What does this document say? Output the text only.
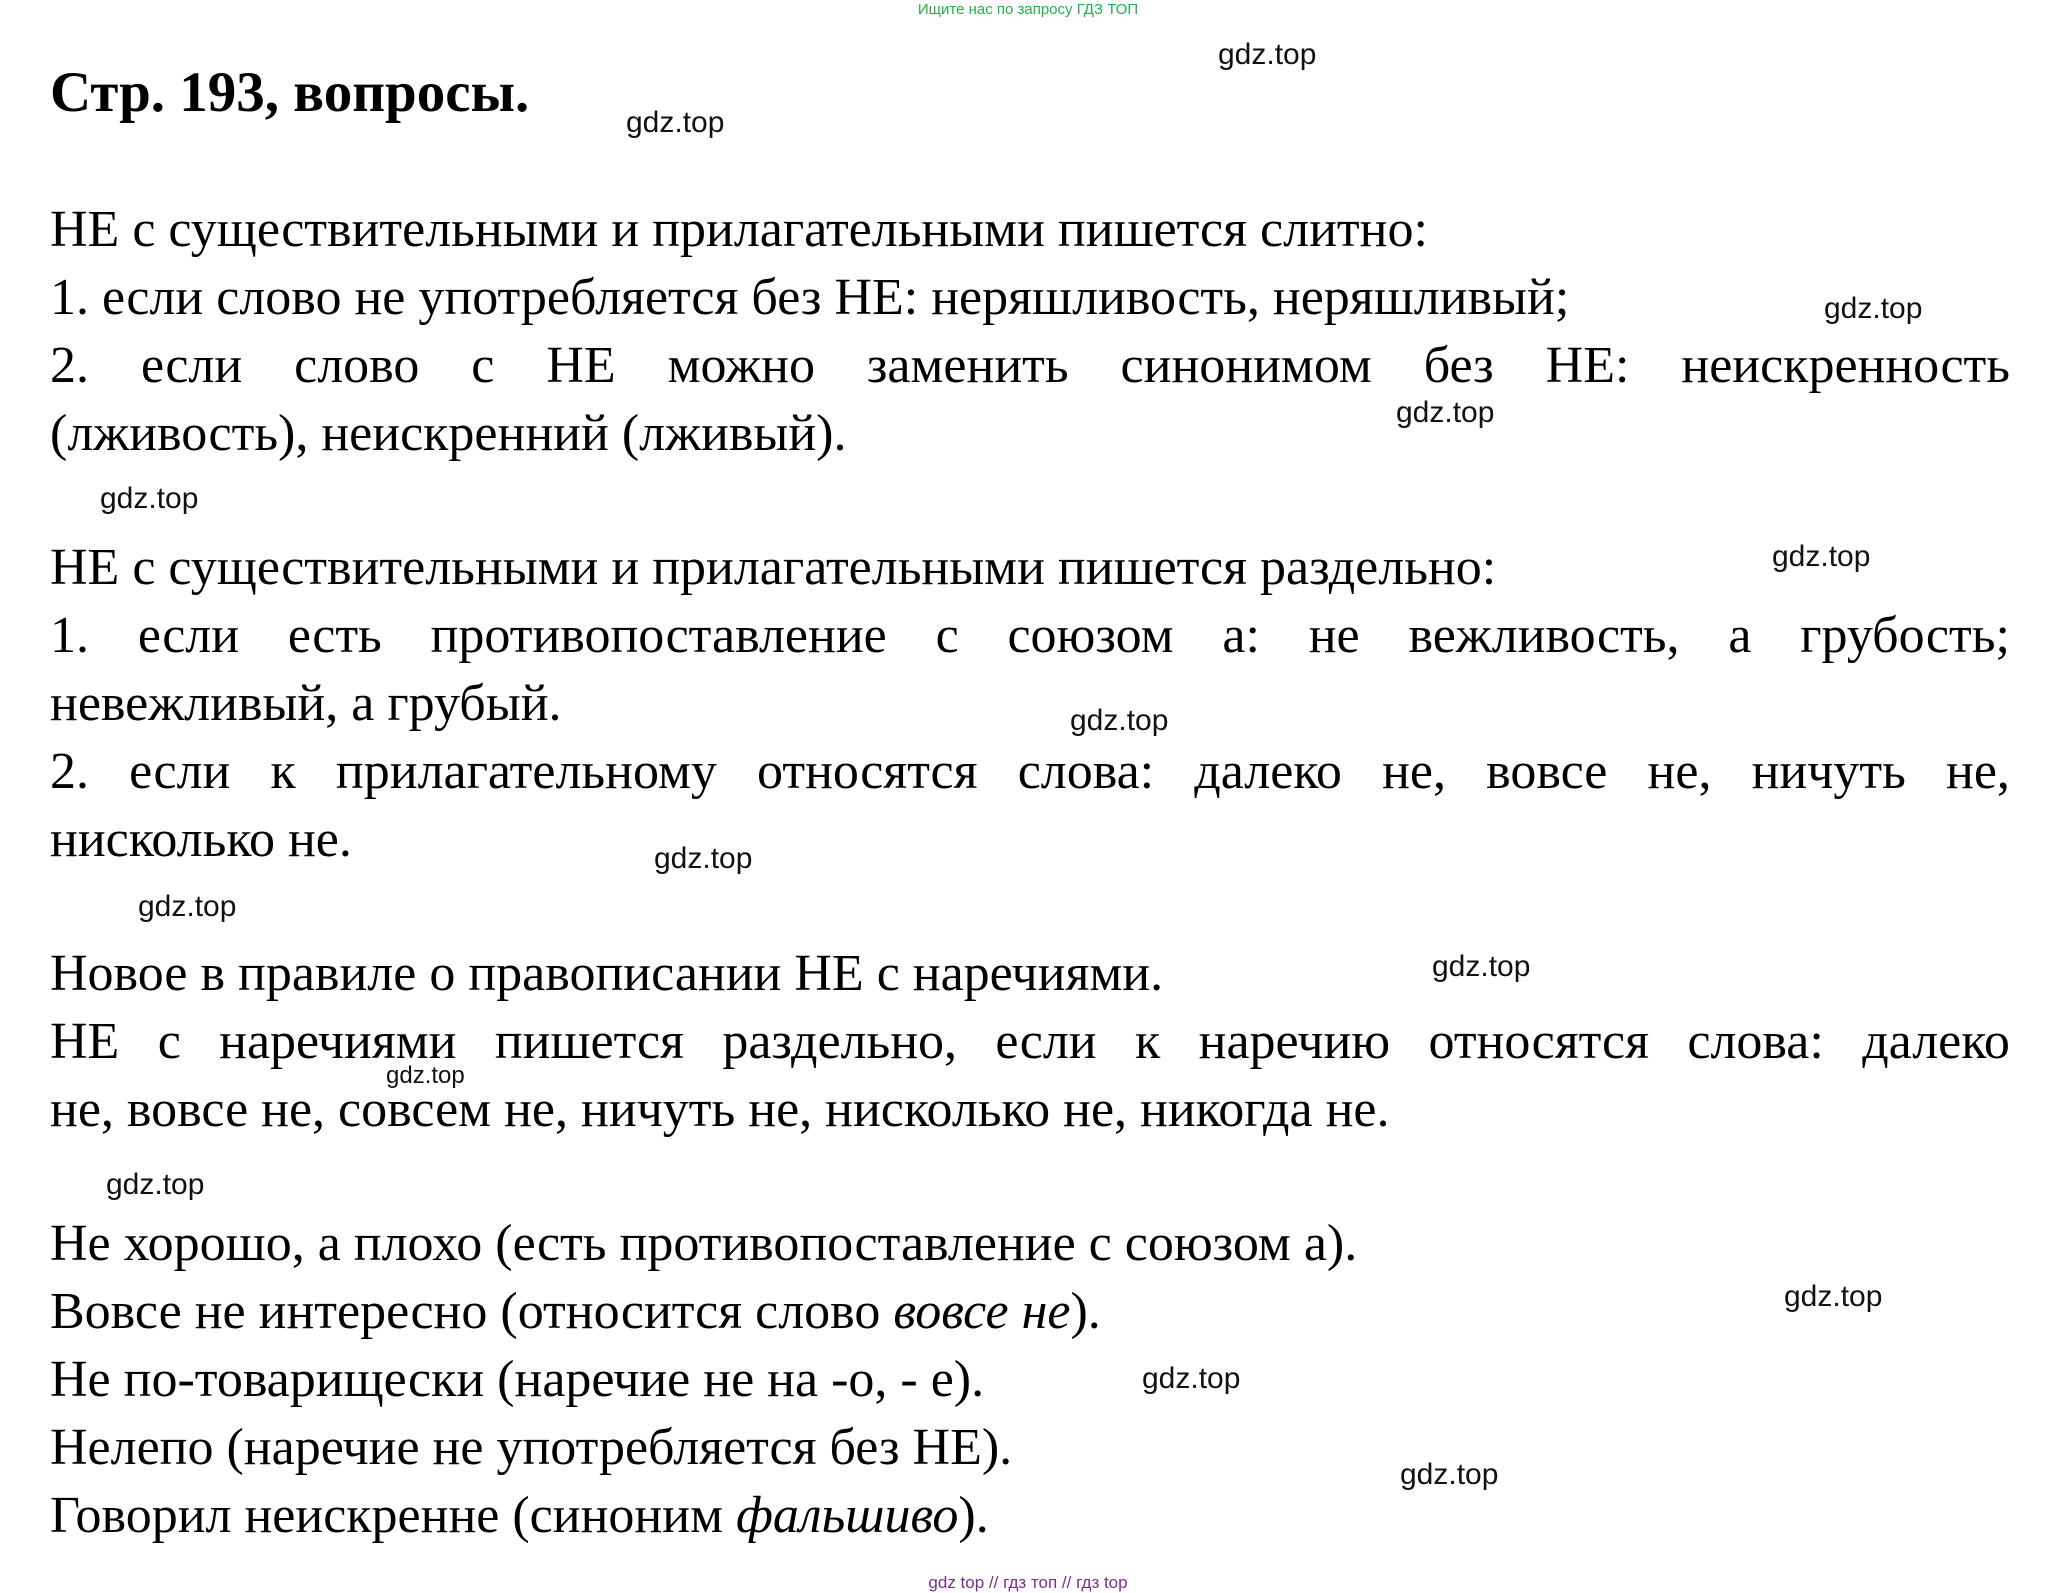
Ищите нас по запросу ГДЗ ТОП
Стр. 193, вопросы.
НЕ с существительными и прилагательными пишется слитно:
1. если слово не употребляется без НЕ: неряшливость, неряшливый;
2. если слово с НЕ можно заменить синонимом без НЕ: неискренность
(лживость), неискренний (лживый).
НЕ с существительными и прилагательными пишется раздельно:
1. если есть противопоставление с союзом а: не вежливость, а грубость;
невежливый, а грубый.
2. если к прилагательному относятся слова: далеко не, вовсе не, ничуть не,
нисколько не.
Новое в правиле о правописании НЕ с наречиями.
НЕ с наречиями пишется раздельно, если к наречию относятся слова: далеко
не, вовсе не, совсем не, ничуть не, нисколько не, никогда не.
Не хорошо, а плохо (есть противопоставление с союзом а).
Вовсе не интересно (относится слово вовсе не).
Не по-товарищески (наречие не на -о, - е).
Нелепо (наречие не употребляется без НЕ).
Говорил неискренне (синоним фальшиво).
gdz.top
gdz.top
gdz.top
gdz.top
gdz.top
gdz.top
gdz.top
gdz.top
gdz.top
gdz.top
gdz.top
gdz.top
gdz.top
gdz.top
gdz.top
gdz top // гдз топ // гдз top
